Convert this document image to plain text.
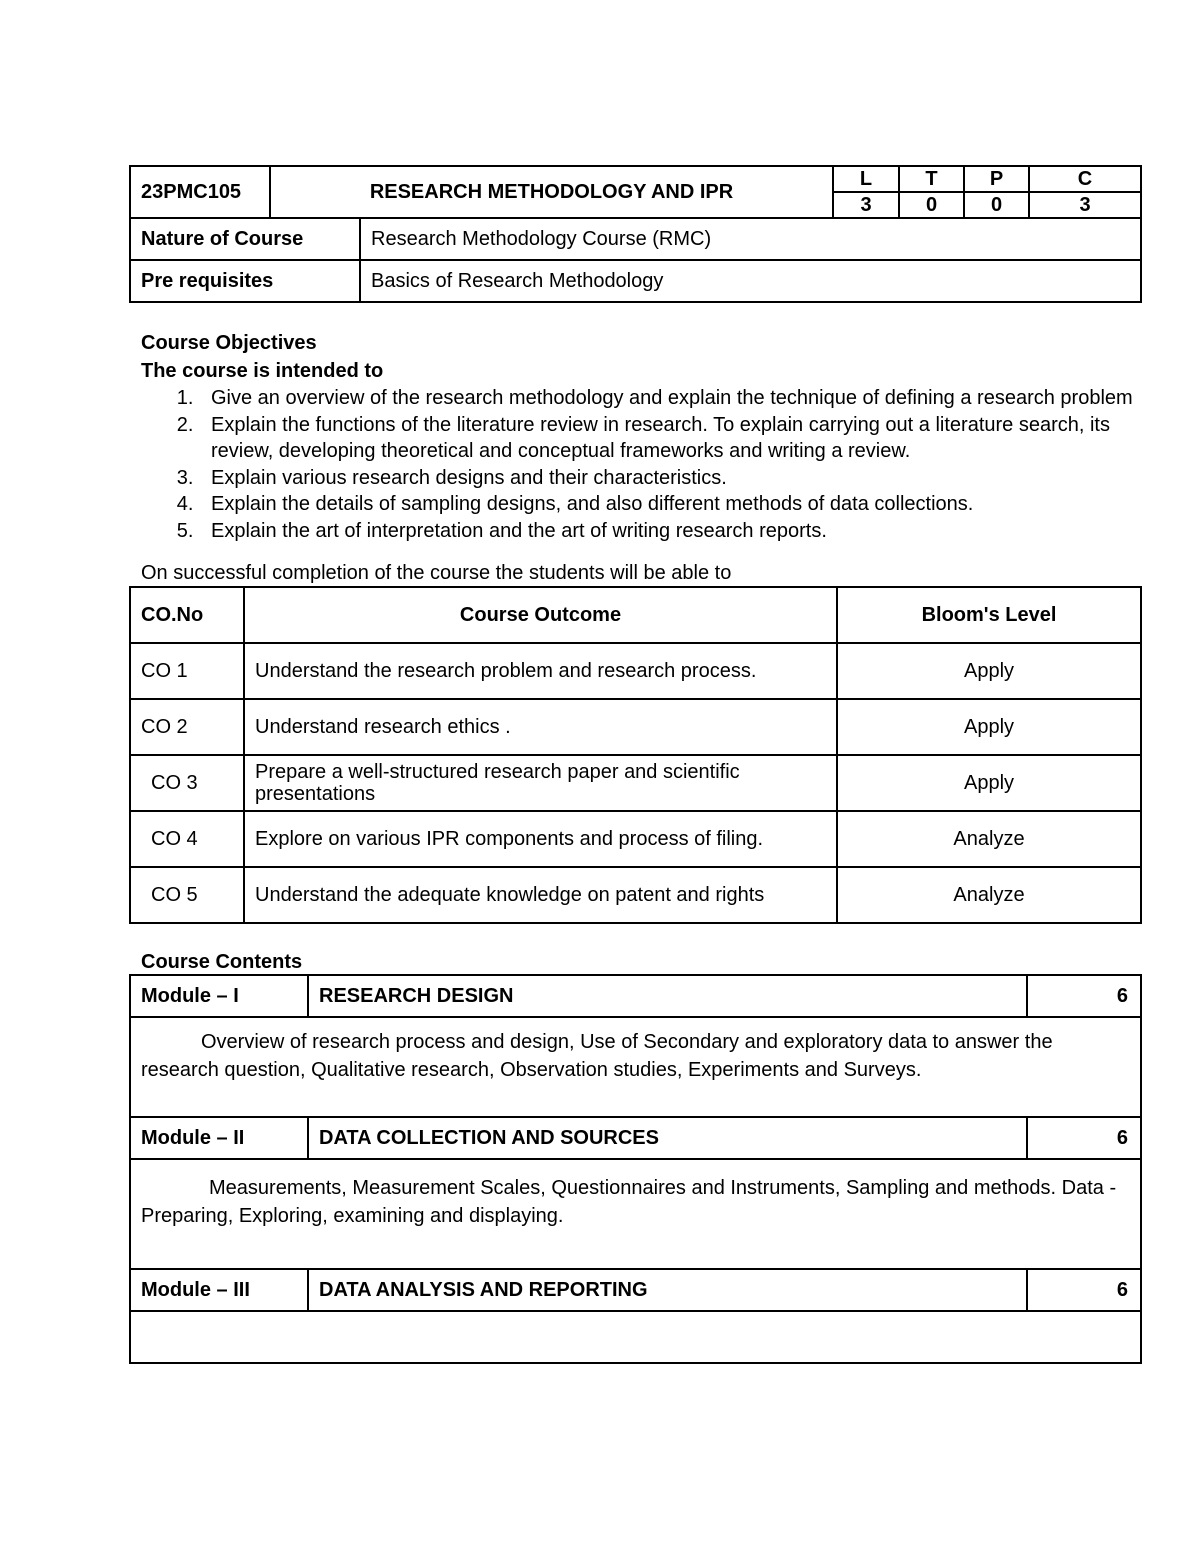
23PMC105	RESEARCH METHODOLOGY AND IPR	
L	T	P	C
3	0	0	3
Nature of Course	Research Methodology Course (RMC)
Pre requisites	Basics of Research Methodology
Course Objectives
The course is intended to
1. Give an overview of the research methodology and explain the technique of defining a research problem
2. Explain the functions of the literature review in research. To explain carrying out a literature search, its review, developing theoretical and conceptual frameworks and writing a review.
3. Explain various research designs and their characteristics.
4. Explain the details of sampling designs, and also different methods of data collections.
5. Explain the art of interpretation and the art of writing research reports.
On successful completion of the course the students will be able to
CO.No	Course Outcome	Bloom's Level
CO 1	Understand the research problem and research process.	Apply
CO 2	Understand research ethics .	Apply
CO 3	Prepare a well-structured research paper and scientific presentations	Apply
CO 4	Explore on various IPR components and process of filing.	Analyze
CO 5	Understand the adequate knowledge on patent and rights	Analyze
Course Contents
Module – I	RESEARCH DESIGN	6
Overview of research process and design, Use of Secondary and exploratory data to answer the research question, Qualitative research, Observation studies, Experiments and Surveys.		
Module – II	DATA COLLECTION AND SOURCES	6
Measurements, Measurement Scales, Questionnaires and Instruments, Sampling and methods. Data - Preparing, Exploring, examining and displaying.		
Module – III	DATA ANALYSIS AND REPORTING	6
